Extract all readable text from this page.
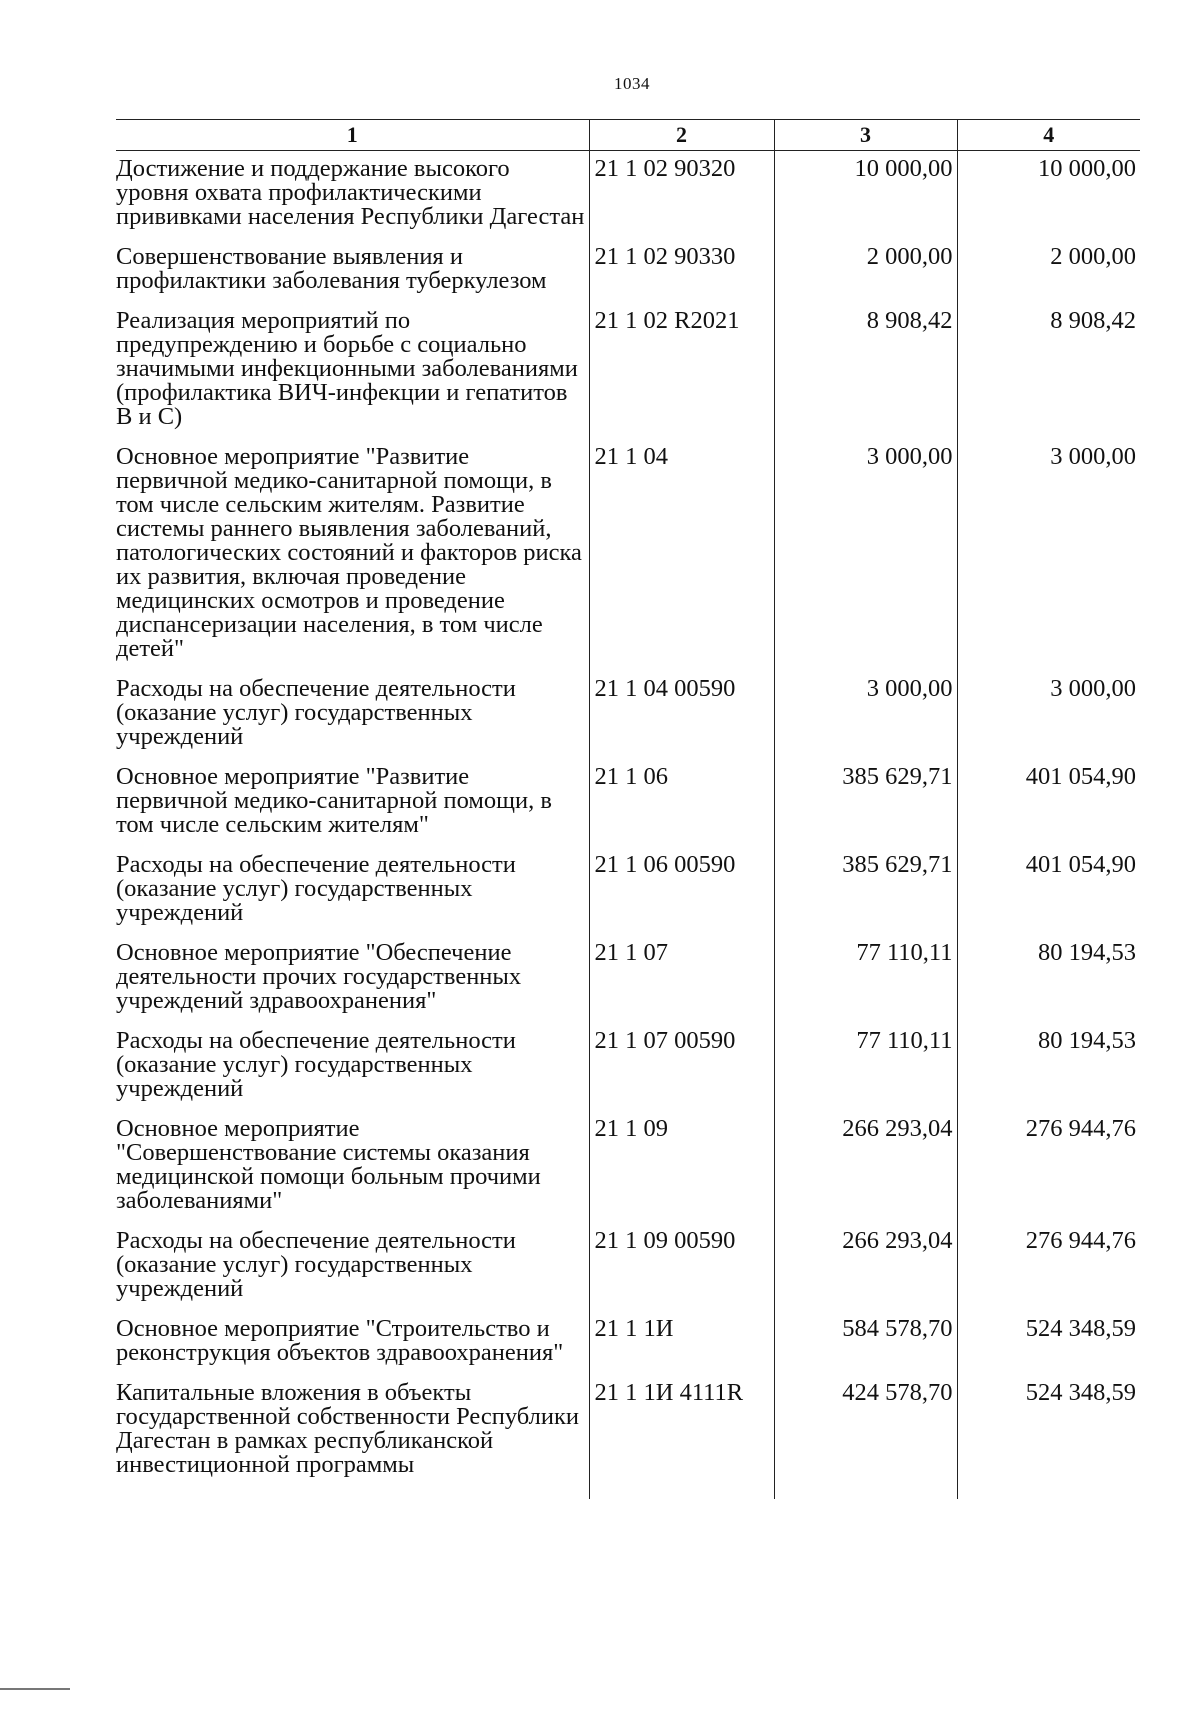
1034
1	2	3	4
Достижение и поддержание высокого уровня охвата профилактическими прививками населения Республики Дагестан	21 1 02 90320	10 000,00	10 000,00
Совершенствование выявления и профилактики заболевания туберкулезом	21 1 02 90330	2 000,00	2 000,00
Реализация мероприятий по предупреждению и борьбе с социально значимыми инфекционными заболеваниями (профилактика ВИЧ-инфекции и гепатитов В и С)	21 1 02 R2021	8 908,42	8 908,42
Основное мероприятие "Развитие первичной медико-санитарной помощи, в том числе сельским жителям. Развитие системы раннего выявления заболеваний, патологических состояний и факторов риска их развития, включая проведение медицинских осмотров и проведение диспансеризации населения, в том числе детей"	21 1 04	3 000,00	3 000,00
Расходы на обеспечение деятельности (оказание услуг) государственных учреждений	21 1 04 00590	3 000,00	3 000,00
Основное мероприятие "Развитие первичной медико-санитарной помощи, в том числе сельским жителям"	21 1 06	385 629,71	401 054,90
Расходы на обеспечение деятельности (оказание услуг) государственных учреждений	21 1 06 00590	385 629,71	401 054,90
Основное мероприятие "Обеспечение деятельности прочих государственных учреждений здравоохранения"	21 1 07	77 110,11	80 194,53
Расходы на обеспечение деятельности (оказание услуг) государственных учреждений	21 1 07 00590	77 110,11	80 194,53
Основное мероприятие "Совершенствование системы оказания медицинской помощи больным прочими заболеваниями"	21 1 09	266 293,04	276 944,76
Расходы на обеспечение деятельности (оказание услуг) государственных учреждений	21 1 09 00590	266 293,04	276 944,76
Основное мероприятие "Строительство и реконструкция объектов здравоохранения"	21 1 1И	584 578,70	524 348,59
Капитальные вложения в объекты государственной собственности Республики Дагестан в рамках республиканской инвестиционной программы	21 1 1И 4111R	424 578,70	524 348,59
